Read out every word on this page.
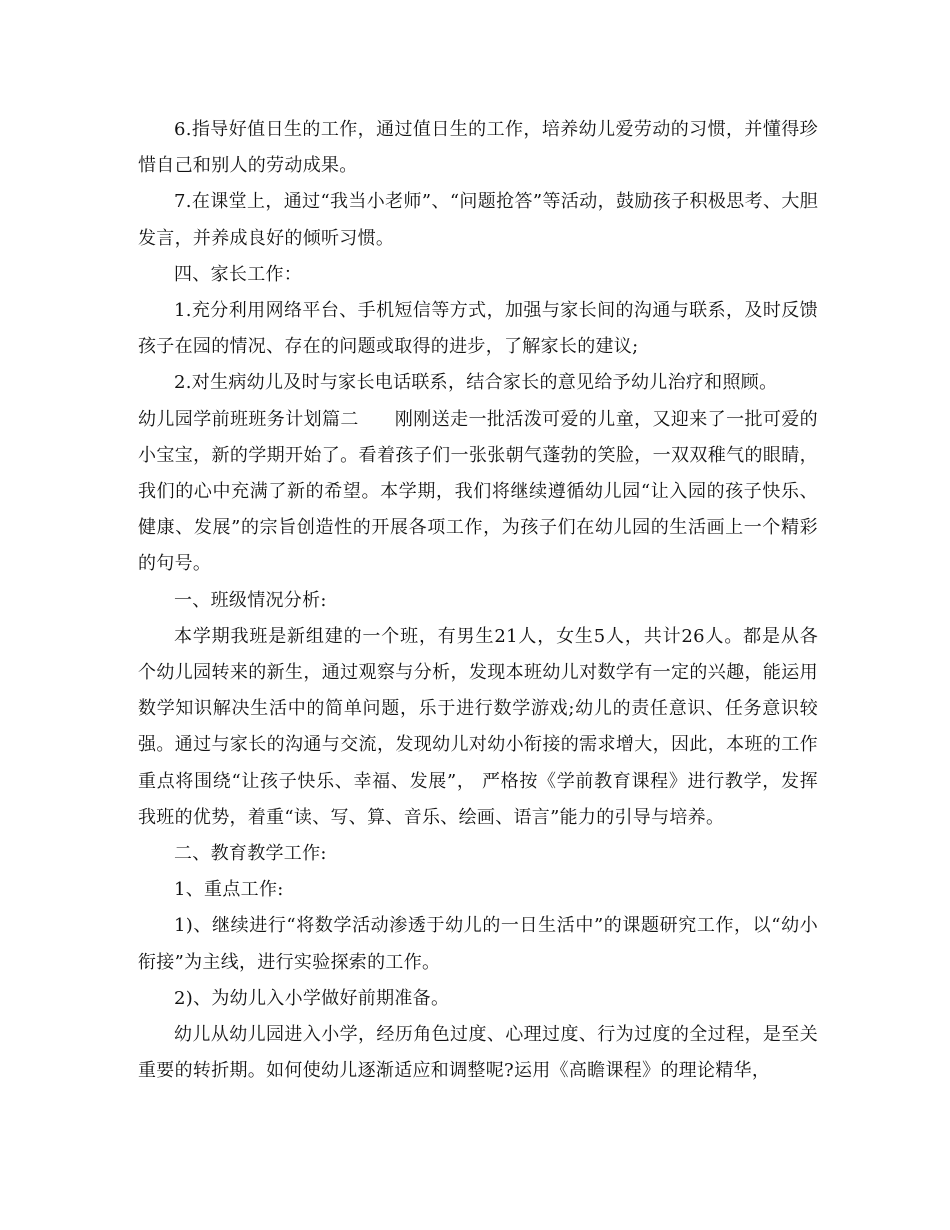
6.指导好值日生的工作，通过值日生的工作，培养幼儿爱劳动的习惯，并懂得珍惜自己和别人的劳动成果。

7.在课堂上，通过“我当小老师”、“问题抢答”等活动，鼓励孩子积极思考、大胆发言，并养成良好的倾听习惯。

四、家长工作：

1.充分利用网络平台、手机短信等方式，加强与家长间的沟通与联系，及时反馈孩子在园的情况、存在的问题或取得的进步，了解家长的建议;

2.对生病幼儿及时与家长电话联系，结合家长的意见给予幼儿治疗和照顾。

幼儿园学前班班务计划篇二 刚刚送走一批活泼可爱的儿童，又迎来了一批可爱的小宝宝，新的学期开始了。看着孩子们一张张朝气蓬勃的笑脸，一双双稚气的眼睛，我们的心中充满了新的希望。本学期，我们将继续遵循幼儿园“让入园的孩子快乐、健康、发展”的宗旨创造性的开展各项工作，为孩子们在幼儿园的生活画上一个精彩的句号。

一、班级情况分析:

本学期我班是新组建的一个班，有男生21人，女生5人，共计26人。都是从各个幼儿园转来的新生，通过观察与分析，发现本班幼儿对数学有一定的兴趣，能运用数学知识解决生活中的简单问题，乐于进行数学游戏;幼儿的责任意识、任务意识较强。通过与家长的沟通与交流，发现幼儿对幼小衔接的需求增大，因此，本班的工作重点将围绕“让孩子快乐、幸福、发展”， 严格按《学前教育课程》进行教学，发挥我班的优势，着重“读、写、算、音乐、绘画、语言”能力的引导与培养。

二、教育教学工作:

1、重点工作:

1)、继续进行“将数学活动渗透于幼儿的一日生活中”的课题研究工作，以“幼小衔接”为主线，进行实验探索的工作。

2)、为幼儿入小学做好前期准备。

幼儿从幼儿园进入小学，经历角色过度、心理过度、行为过度的全过程，是至关重要的转折期。如何使幼儿逐渐适应和调整呢?运用《高瞻课程》的理论精华，
